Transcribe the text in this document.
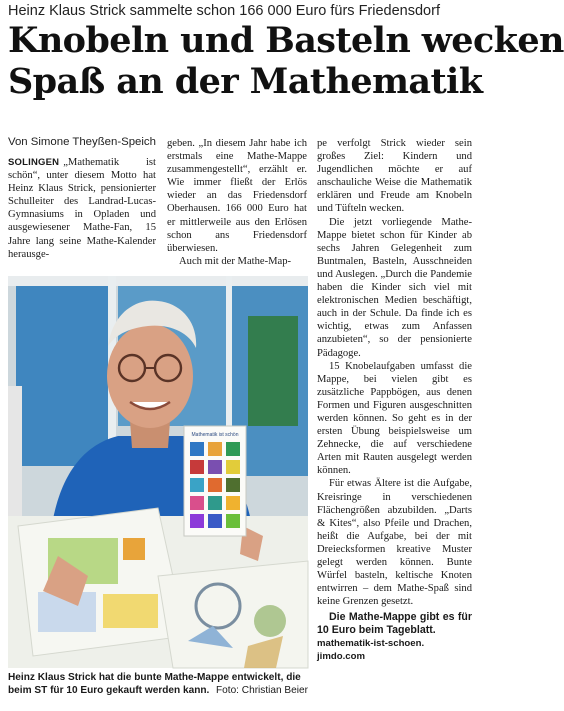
Heinz Klaus Strick sammelte schon 166 000 Euro fürs Friedensdorf
Knobeln und Basteln wecken
Spaß an der Mathematik
Von Simone Theyßen-Speich

SOLINGEN „Mathematik ist schön“, unter diesem Motto hat Heinz Klaus Strick, pensionierter Schulleiter des Landrad-Lucas-Gymnasiums in Opladen und ausgewiesener Mathe-Fan, 15 Jahre lang seine Mathe-Kalender herausge-

geben. „In diesem Jahr habe ich erstmals eine Mathe-Mappe zusammengestellt“, erzählt er. Wie immer fließt der Erlös wieder an das Friedensdorf Oberhausen. 166 000 Euro hat er mittlerweile aus den Erlösen schon ans Friedensdorf überwiesen.

Auch mit der Mathe-Map-

pe verfolgt Strick wieder sein großes Ziel: Kindern und Jugendlichen möchte er auf anschauliche Weise die Mathematik erklären und Freude am Knobeln und Tüfteln wecken.

Die jetzt vorliegende Mathe-Mappe bietet schon für Kinder ab sechs Jahren Gelegenheit zum Buntmalen, Basteln, Ausschneiden und Auslegen. „Durch die Pandemie haben die Kinder sich viel mit elektronischen Medien beschäftigt, auch in der Schule. Da finde ich es wichtig, etwas zum Anfassen anzubieten“, so der pensionierte Pädagoge.

15 Knobelaufgaben umfasst die Mappe, bei vielen gibt es zusätzliche Pappbögen, aus denen Formen und Figuren ausgeschnitten werden können. So geht es in der ersten Übung beispielsweise um Zehnecke, die auf verschiedene Arten mit Rauten ausgelegt werden können.

Für etwas Ältere ist die Aufgabe, Kreisringe in verschiedenen Flächengrößen abzubilden. „Darts & Kites“, also Pfeile und Drachen, heißt die Aufgabe, bei der mit Dreiecksformen kreative Muster gelegt werden können. Bunte Würfel basteln, keltische Knoten entwirren – dem Mathe-Spaß sind keine Grenzen gesetzt.

Die Mathe-Mappe gibt es für 10 Euro beim Tageblatt.
mathematik-ist-schoen.
jimdo.com
Mathematik ist schön
Heinz Klaus Strick hat die bunte Mathe-Mappe entwickelt, die beim ST für 10 Euro gekauft werden kann. Foto: Christian Beier
